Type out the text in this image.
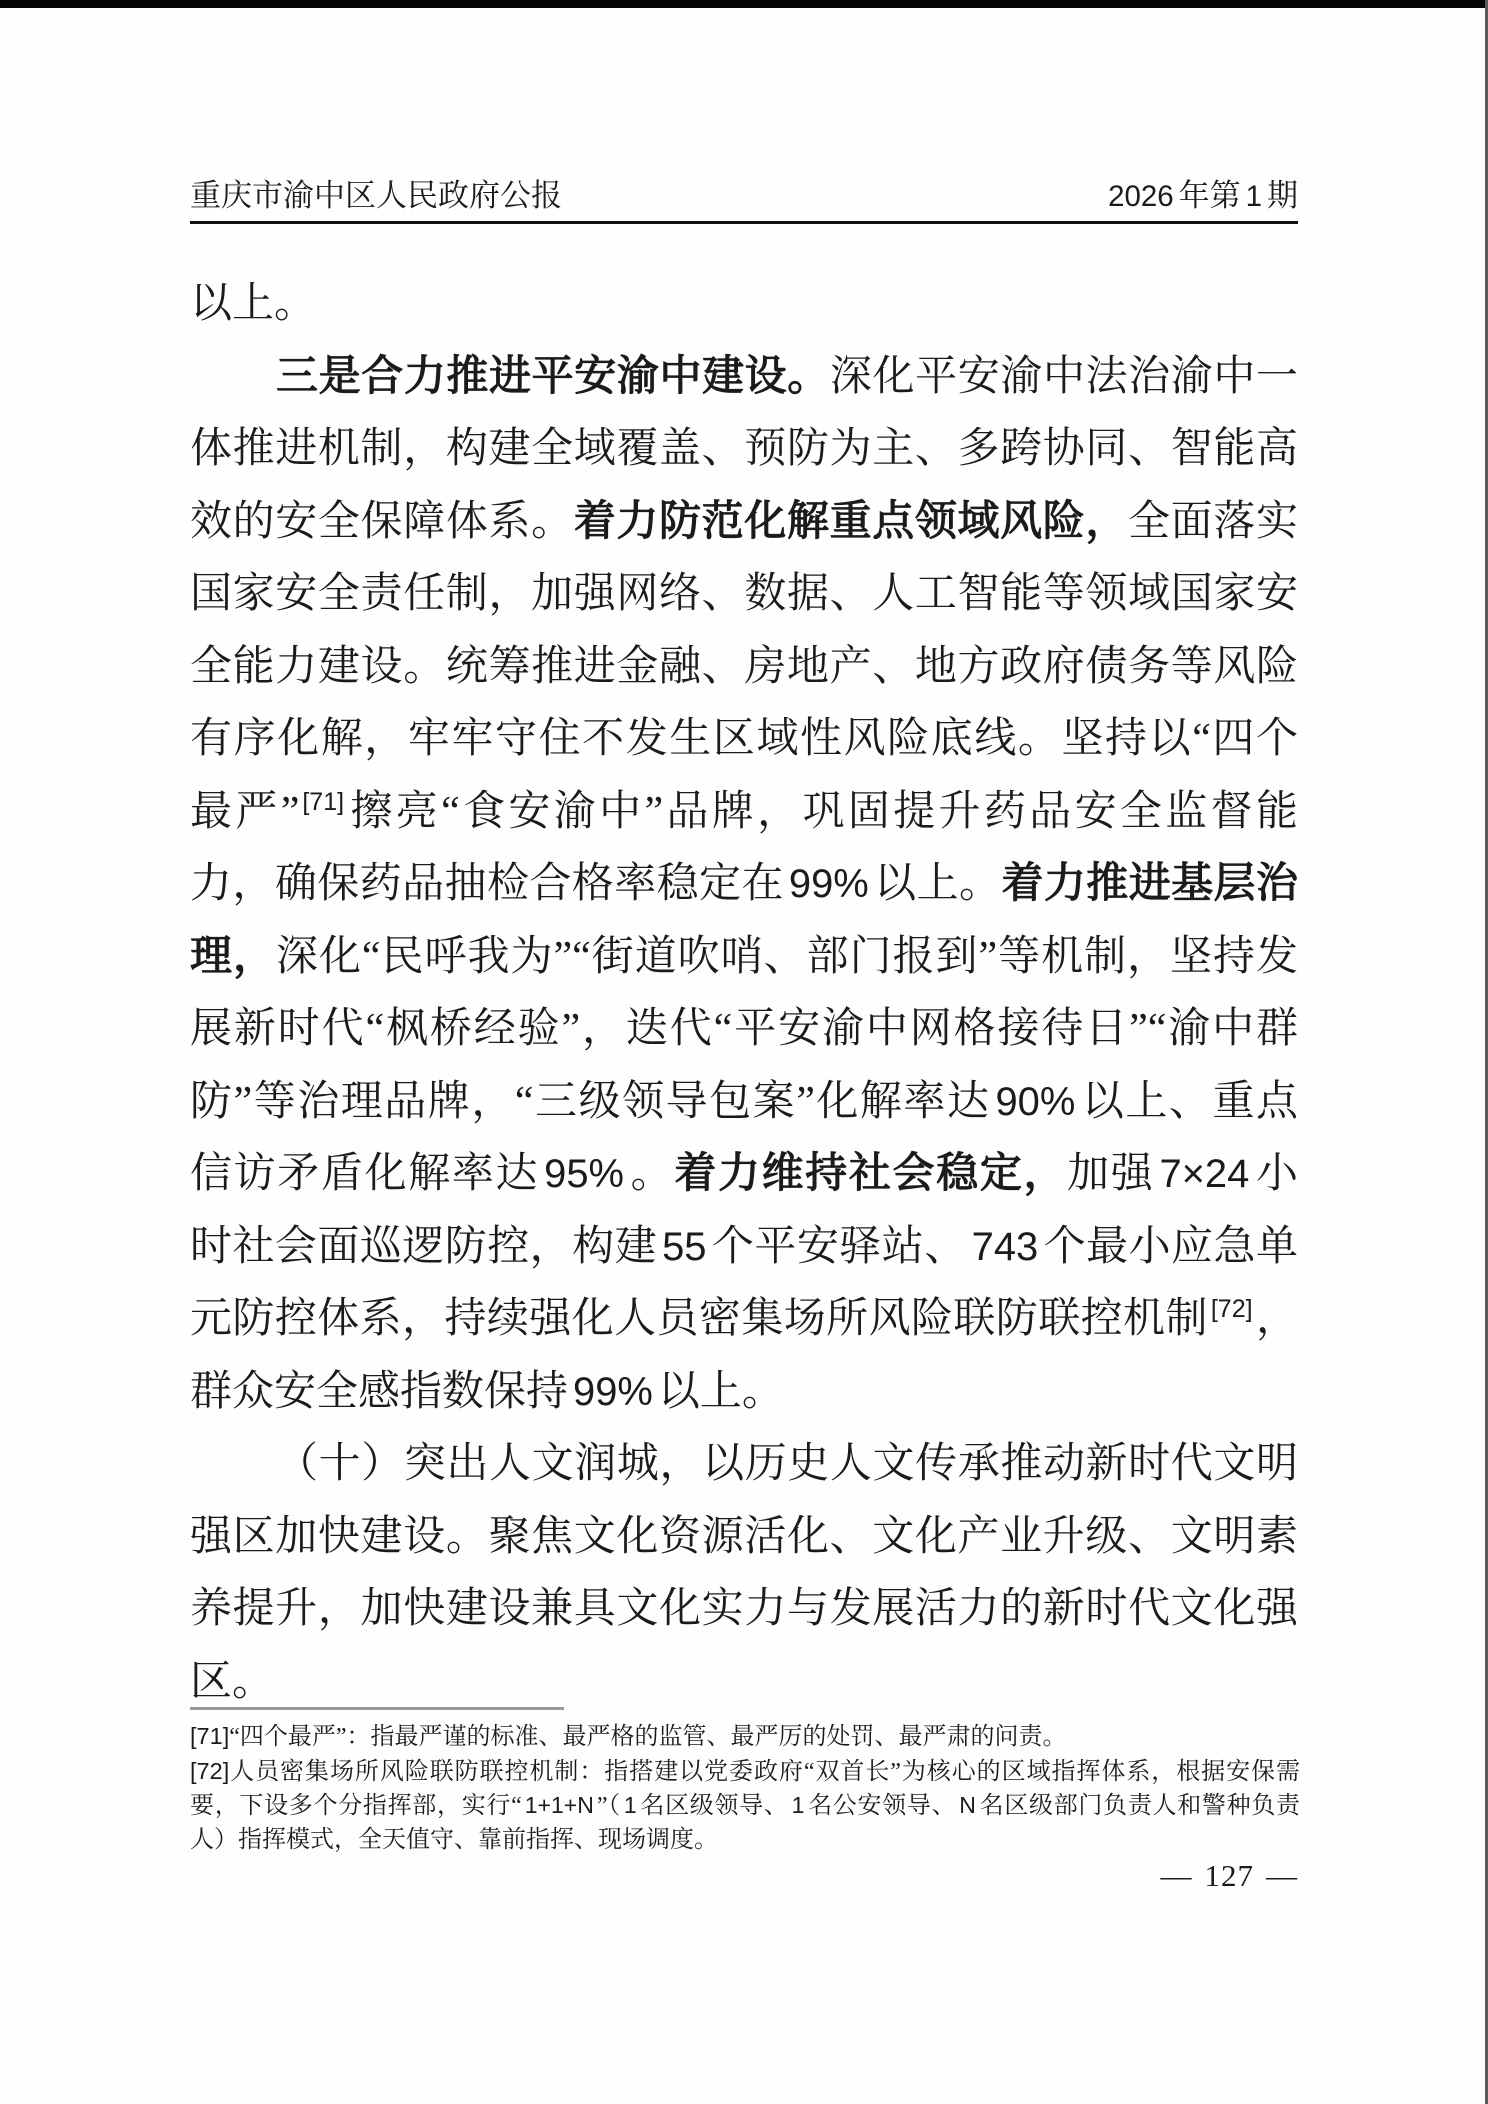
重庆市渝中区人民政府公报	2026 年第 1 期

以上。

三是合力推进平安渝中建设。深化平安渝中法治渝中一体推进机制，构建全域覆盖、预防为主、多跨协同、智能高效的安全保障体系。着力防范化解重点领域风险，全面落实国家安全责任制，加强网络、数据、人工智能等领域国家安全能力建设。统筹推进金融、房地产、地方政府债务等风险有序化解，牢牢守住不发生区域性风险底线。坚持以“四个最严” [71]擦亮“食安渝中”品牌，巩固提升药品安全监督能力，确保药品抽检合格率稳定在 99% 以上。着力推进基层治理，深化“民呼我为”“街道吹哨、部门报到”等机制，坚持发展新时代“枫桥经验”，迭代“平安渝中网格接待日”“渝中群防”等治理品牌，“三级领导包案”化解率达 90% 以上、重点信访矛盾化解率达 95% 。着力维持社会稳定，加强 7×24 小时社会面巡逻防控，构建 55 个平安驿站、 743 个最小应急单元防控体系，持续强化人员密集场所风险联防联控机制 [72]，群众安全感指数保持 99% 以上。

（十）突出人文润城，以历史人文传承推动新时代文明强区加快建设。聚焦文化资源活化、文化产业升级、文明素养提升，加快建设兼具文化实力与发展活力的新时代文化强区。

[71]“四个最严”：指最严谨的标准、最严格的监管、最严厉的处罚、最严肃的问责。

[72]人员密集场所风险联防联控机制：指搭建以党委政府“双首长”为核心的区域指挥体系，根据安保需要，下设多个分指挥部，实行“ 1+1+N ”（ 1 名区级领导、 1 名公安领导、 N 名区级部门负责人和警种负责人）指挥模式，全天值守、靠前指挥、现场调度。

— 127 —
